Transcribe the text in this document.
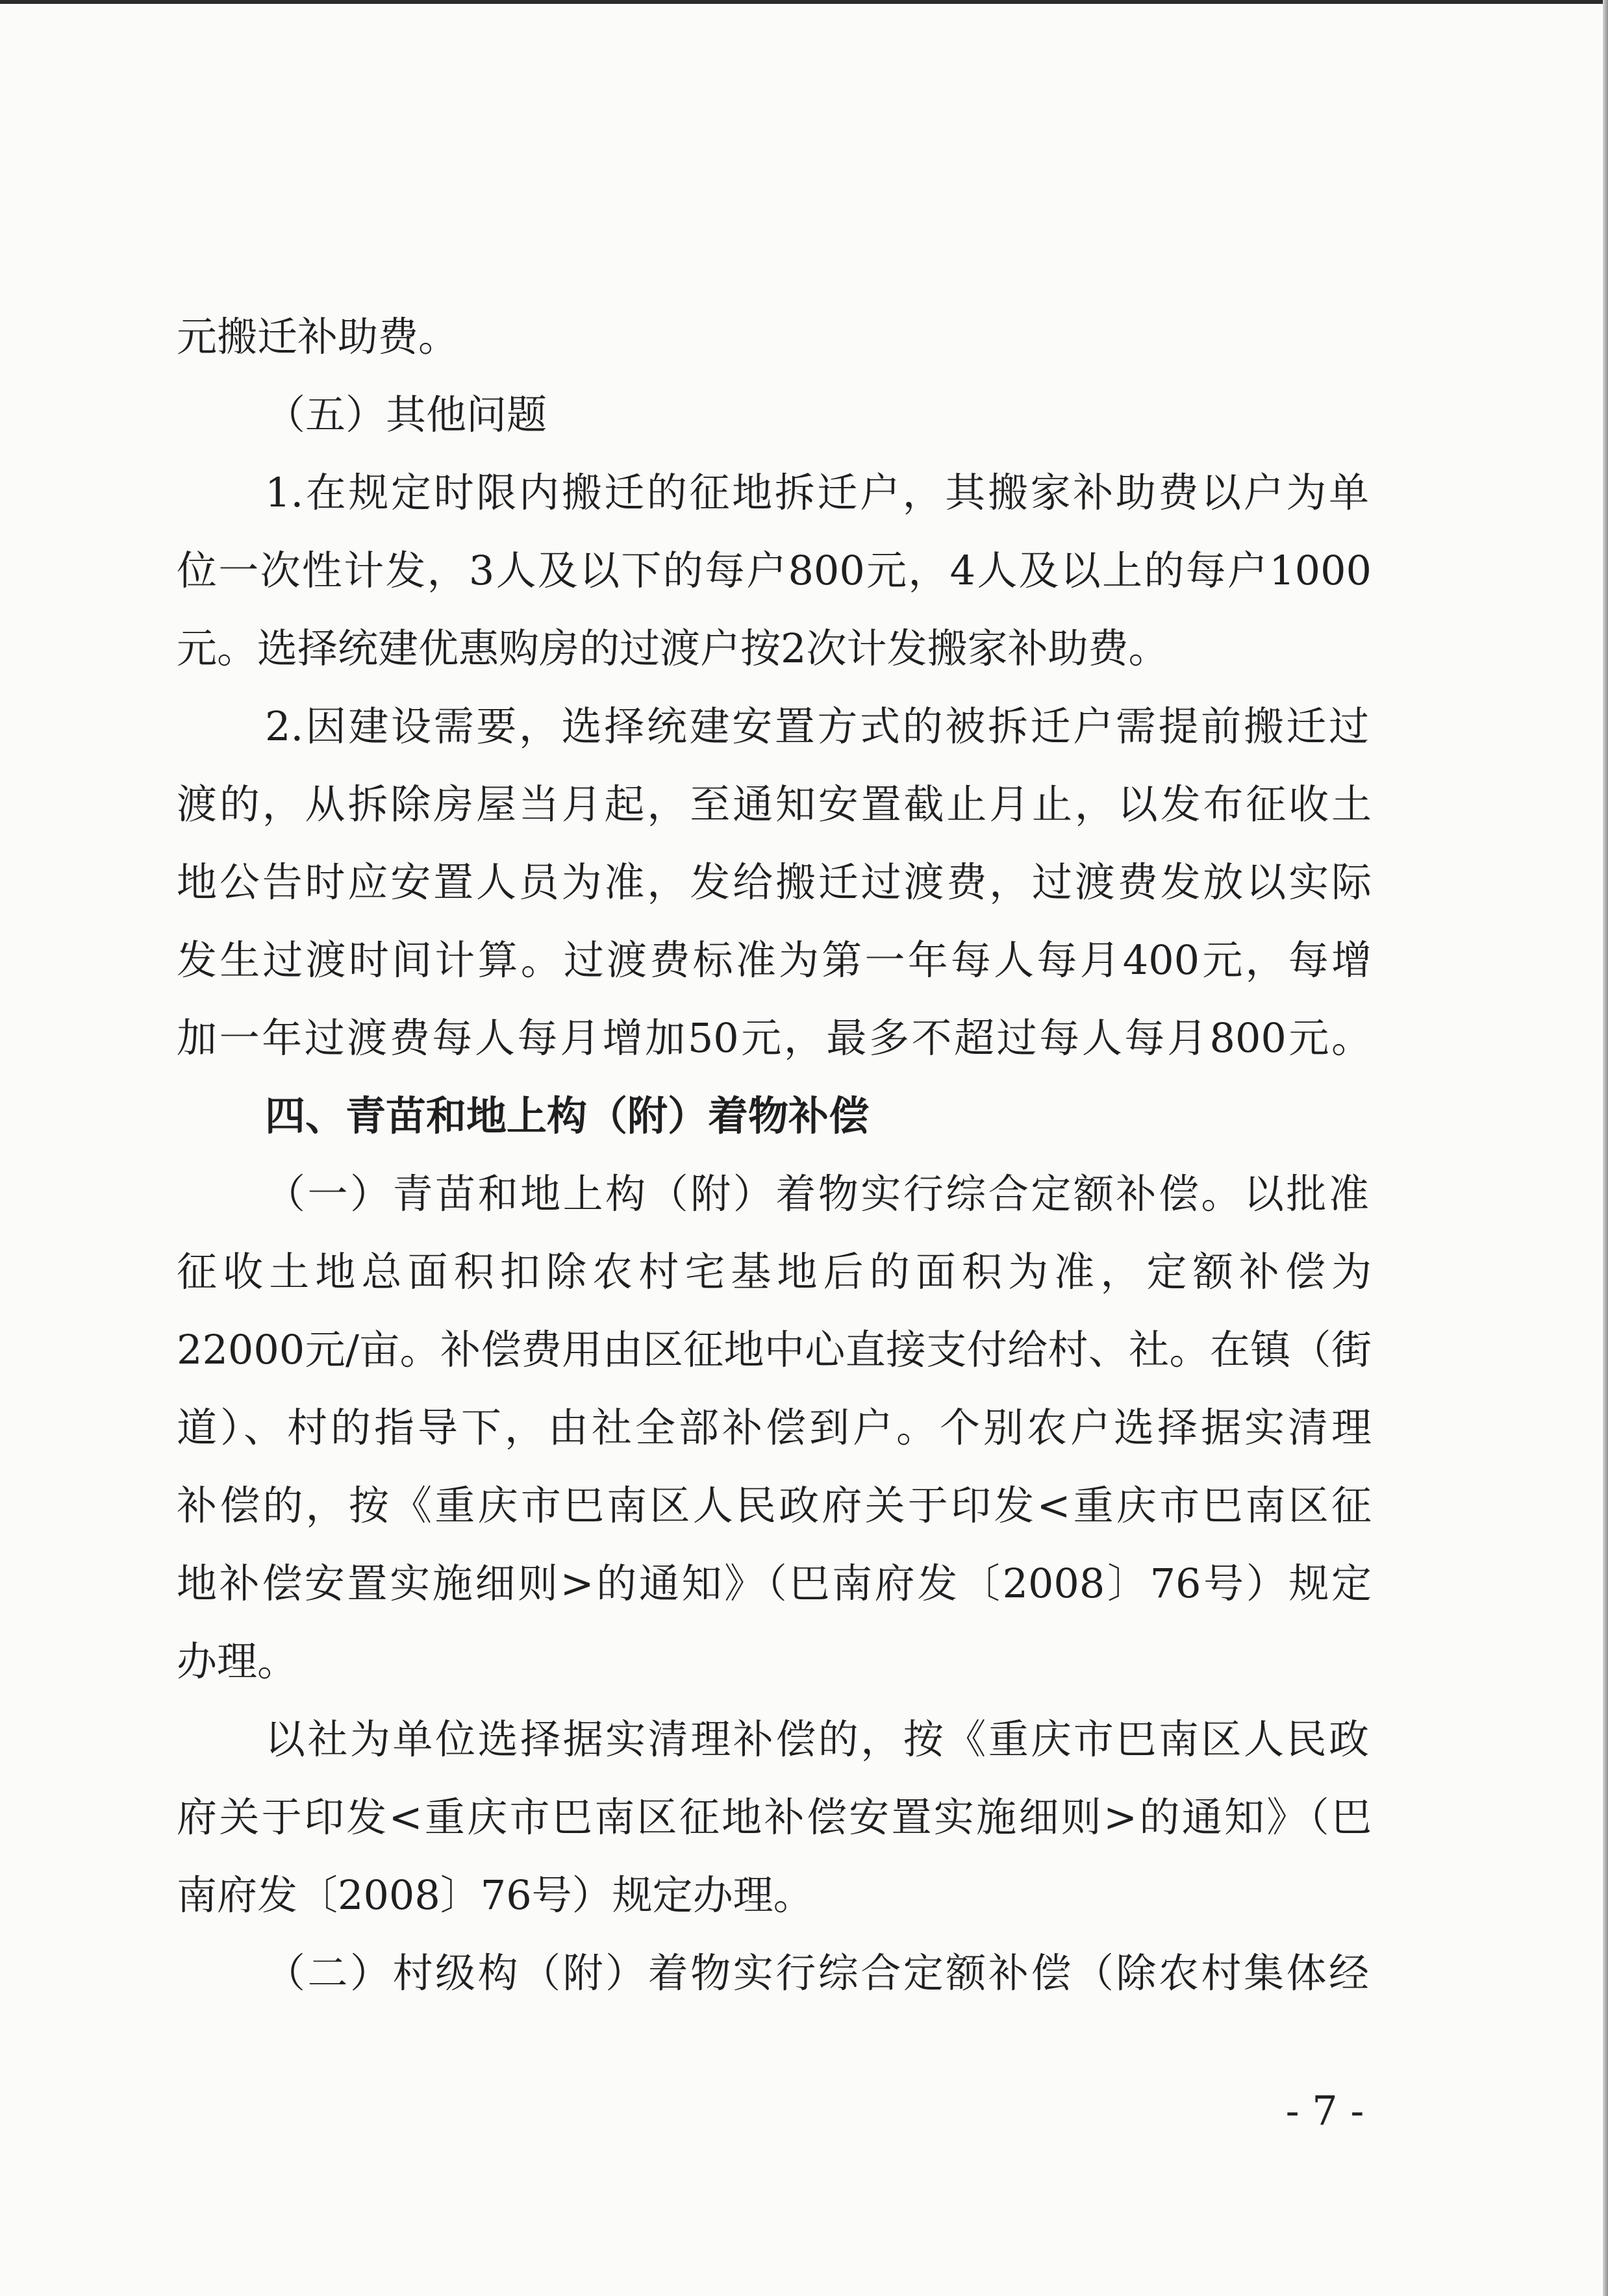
元搬迁补助费。
（五）其他问题
1.在规定时限内搬迁的征地拆迁户，其搬家补助费以户为单
位一次性计发，3人及以下的每户800元，4人及以上的每户1000
元。选择统建优惠购房的过渡户按2次计发搬家补助费。
2.因建设需要，选择统建安置方式的被拆迁户需提前搬迁过
渡的，从拆除房屋当月起，至通知安置截止月止，以发布征收土
地公告时应安置人员为准，发给搬迁过渡费，过渡费发放以实际
发生过渡时间计算。过渡费标准为第一年每人每月400元，每增
加一年过渡费每人每月增加50元，最多不超过每人每月800元。
四、青苗和地上构（附）着物补偿
（一）青苗和地上构（附）着物实行综合定额补偿。以批准
征收土地总面积扣除农村宅基地后的面积为准，定额补偿为
22000元/亩。补偿费用由区征地中心直接支付给村、社。在镇（街
道）、村的指导下，由社全部补偿到户。个别农户选择据实清理
补偿的，按《重庆市巴南区人民政府关于印发<重庆市巴南区征
地补偿安置实施细则>的通知》（巴南府发〔2008〕76号）规定
办理。
以社为单位选择据实清理补偿的，按《重庆市巴南区人民政
府关于印发<重庆市巴南区征地补偿安置实施细则>的通知》（巴
南府发〔2008〕76号）规定办理。
（二）村级构（附）着物实行综合定额补偿（除农村集体经
- 7 -
